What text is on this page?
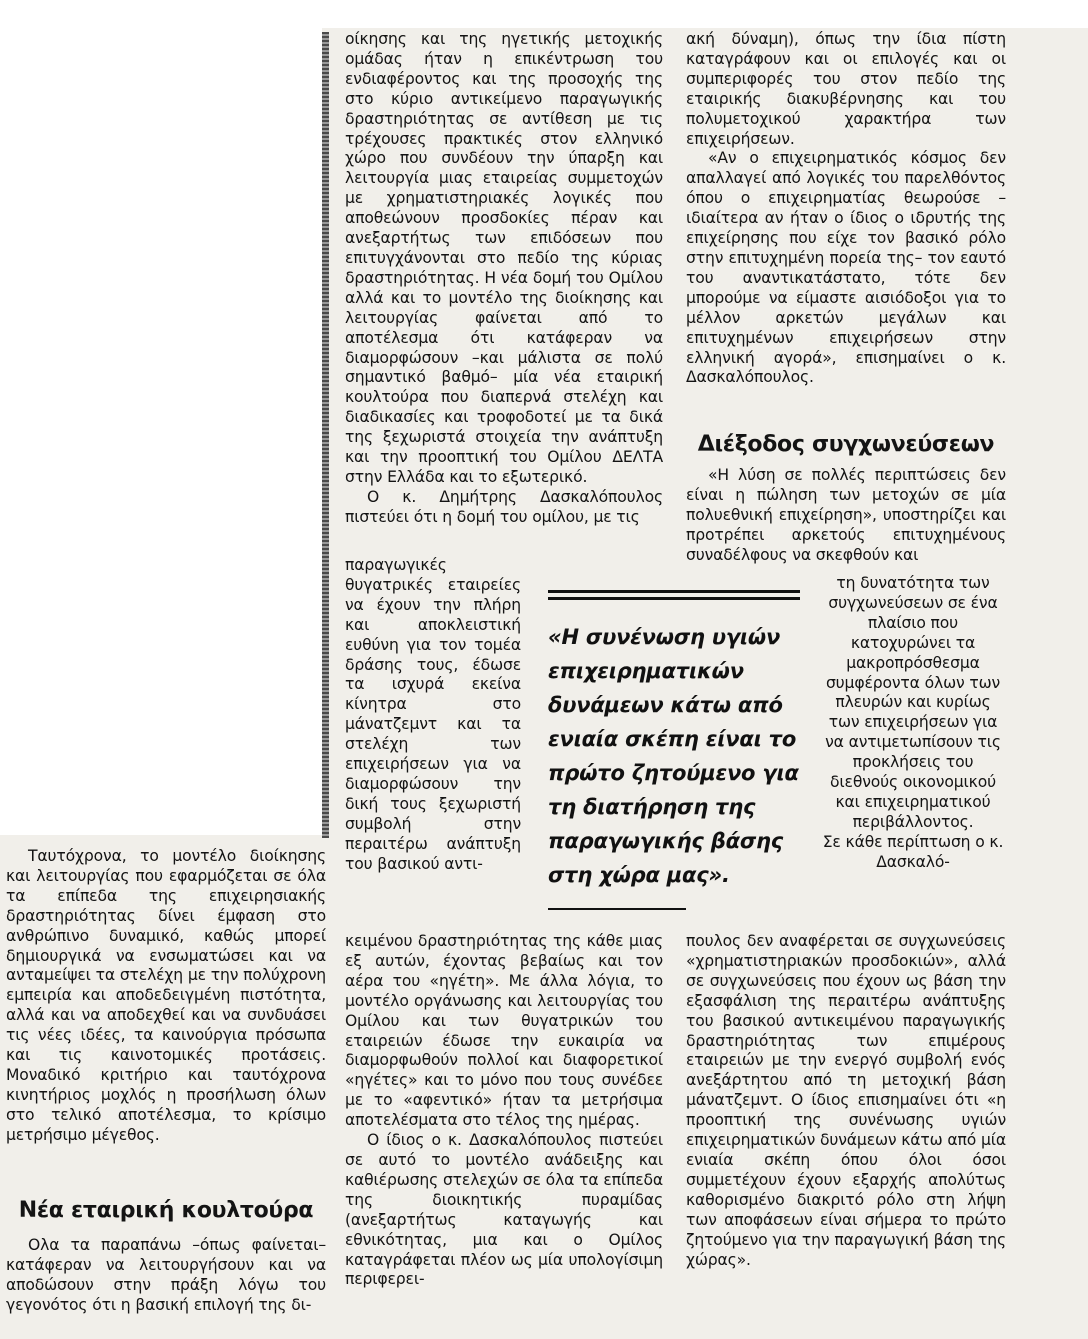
Ταυτόχρονα, το μοντέλο διοίκησης και λειτουργίας που εφαρμόζεται σε όλα τα επίπεδα της επιχειρησιακής δραστηριότητας δίνει έμφαση στο ανθρώπινο δυναμικό, καθώς μπορεί δημιουργικά να ενσωματώσει και να ανταμείψει τα στελέχη με την πολύχρονη εμπειρία και αποδεδειγμένη πιστότητα, αλλά και να αποδεχθεί και να συνδυάσει τις νέες ιδέες, τα καινούργια πρόσωπα και τις καινοτομικές προτάσεις. Μοναδικό κριτήριο και ταυτόχρονα κινητήριος μοχλός η προσήλωση όλων στο τελικό αποτέλεσμα, το κρίσιμο μετρήσιμο μέγεθος.

Νέα εταιρική κουλτούρα

Ολα τα παραπάνω –όπως φαίνεται– κατάφεραν να λειτουργήσουν και να αποδώσουν στην πράξη λόγω του γεγονότος ότι η βασική επιλογή της δι-

οίκησης και της ηγετικής μετοχικής ομάδας ήταν η επικέντρωση του ενδιαφέροντος και της προσοχής της στο κύριο αντικείμενο παραγωγικής δραστηριότητας σε αντίθεση με τις τρέχουσες πρακτικές στον ελληνικό χώρο που συνδέουν την ύπαρξη και λειτουργία μιας εταιρείας συμμετοχών με χρηματιστηριακές λογικές που αποθεώνουν προσδοκίες πέραν και ανεξαρτήτως των επιδόσεων που επιτυγχάνονται στο πεδίο της κύριας δραστηριότητας. Η νέα δομή του Ομίλου αλλά και το μοντέλο της διοίκησης και λειτουργίας φαίνεται από το αποτέλεσμα ότι κατάφεραν να διαμορφώσουν –και μάλιστα σε πολύ σημαντικό βαθμό– μία νέα εταιρική κουλτούρα που διαπερνά στελέχη και διαδικασίες και τροφοδοτεί με τα δικά της ξεχωριστά στοιχεία την ανάπτυξη και την προοπτική του Ομίλου ΔΕΛΤΑ στην Ελλάδα και το εξωτερικό.

Ο κ. Δημήτρης Δασκαλόπουλος πιστεύει ότι η δομή του ομίλου, με τις

παραγωγικές θυγατρικές εταιρείες να έχουν την πλήρη και αποκλειστική ευθύνη για τον τομέα δράσης τους, έδωσε τα ισχυρά εκείνα κίνητρα στο μάνατζεμντ και τα στελέχη των επιχειρήσεων για να διαμορφώσουν την δική τους ξεχωριστή συμβολή στην περαιτέρω ανάπτυξη του βασικού αντι-

κειμένου δραστηριότητας της κάθε μιας εξ αυτών, έχοντας βεβαίως και τον αέρα του «ηγέτη». Με άλλα λόγια, το μοντέλο οργάνωσης και λειτουργίας του Ομίλου και των θυγατρικών του εταιρειών έδωσε την ευκαιρία να διαμορφωθούν πολλοί και διαφορετικοί «ηγέτες» και το μόνο που τους συνέδεε με το «αφεντικό» ήταν τα μετρήσιμα αποτελέσματα στο τέλος της ημέρας.

Ο ίδιος ο κ. Δασκαλόπουλος πιστεύει σε αυτό το μοντέλο ανάδειξης και καθιέρωσης στελεχών σε όλα τα επίπεδα της διοικητικής πυραμίδας (ανεξαρτήτως καταγωγής και εθνικότητας, μια και ο Ομίλος καταγράφεται πλέον ως μία υπολογίσιμη περιφερει-

ακή δύναμη), όπως την ίδια πίστη καταγράφουν και οι επιλογές και οι συμπεριφορές του στον πεδίο της εταιρικής διακυβέρνησης και του πολυμετοχικού χαρακτήρα των επιχειρήσεων.

«Αν ο επιχειρηματικός κόσμος δεν απαλλαγεί από λογικές του παρελθόντος όπου ο επιχειρηματίας θεωρούσε –ιδιαίτερα αν ήταν ο ίδιος ο ιδρυτής της επιχείρησης που είχε τον βασικό ρόλο στην επιτυχημένη πορεία της– τον εαυτό του αναντικατάστατο, τότε δεν μπορούμε να είμαστε αισιόδοξοι για το μέλλον αρκετών μεγάλων και επιτυχημένων επιχειρήσεων στην ελληνική αγορά», επισημαίνει ο κ. Δασκαλόπουλος.

Διέξοδος συγχωνεύσεων

«Η λύση σε πολλές περιπτώσεις δεν είναι η πώληση των μετοχών σε μία πολυεθνική επιχείρηση», υποστηρίζει και προτρέπει αρκετούς επιτυχημένους συναδέλφους να σκεφθούν και

τη δυνατότητα των συγχωνεύσεων σε ένα πλαίσιο που κατοχυρώνει τα μακροπρόσθεσμα συμφέροντα όλων των πλευρών και κυρίως των επιχειρήσεων για να αντιμετωπίσουν τις προκλήσεις του διεθνούς οικονομικού και επιχειρηματικού περιβάλλοντος.

Σε κάθε περίπτωση ο κ. Δασκαλό-

πουλος δεν αναφέρεται σε συγχωνεύσεις «χρηματιστηριακών προσδοκιών», αλλά σε συγχωνεύσεις που έχουν ως βάση την εξασφάλιση της περαιτέρω ανάπτυξης του βασικού αντικειμένου παραγωγικής δραστηριότητας των επιμέρους εταιρειών με την ενεργό συμβολή ενός ανεξάρτητου από τη μετοχική βάση μάνατζεμντ. Ο ίδιος επισημαίνει ότι «η προοπτική της συνένωσης υγιών επιχειρηματικών δυνάμεων κάτω από μία ενιαία σκέπη όπου όλοι όσοι συμμετέχουν έχουν εξαρχής απολύτως καθορισμένο διακριτό ρόλο στη λήψη των αποφάσεων είναι σήμερα το πρώτο ζητούμενο για την παραγωγική βάση της χώρας».

«Η συνένωση υγιών επιχειρηματικών δυνάμεων κάτω από ενιαία σκέπη είναι το πρώτο ζητούμενο για τη διατήρηση της παραγωγικής βάσης στη χώρα μας».
